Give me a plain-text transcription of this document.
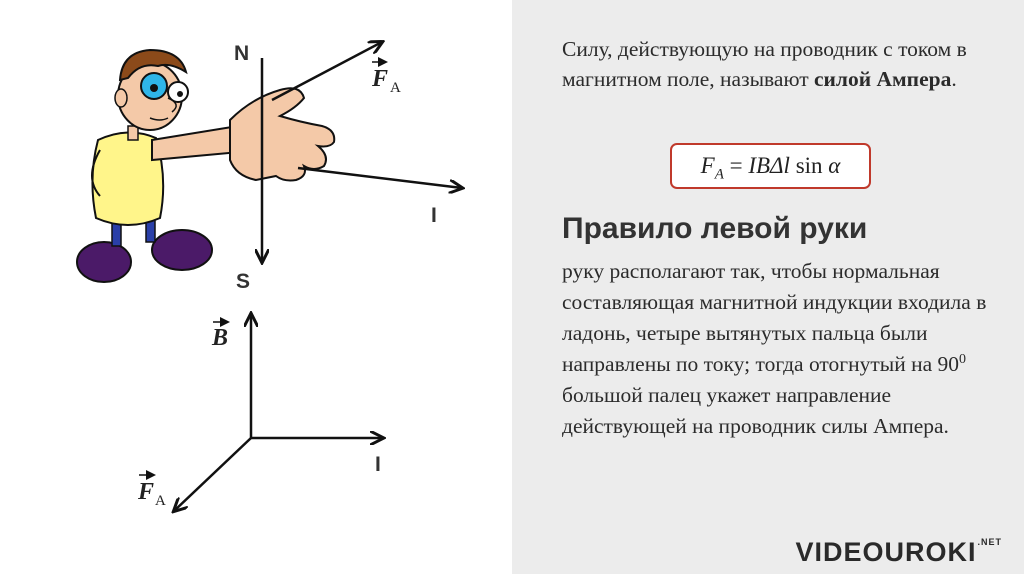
N
S
I
F A
B
I
F A
Силу, действующую на проводник с током в магнитном поле, называют силой Ампера.
$F_A = IB\Delta l$ sin α
Правило левой руки
руку располагают так, чтобы нормальная составляющая магнитной индукции входила в ладонь, четыре вытянутых пальца были направлены по току; тогда отогнутый на $90^0$ большой палец укажет направление действующей на проводник силы Ампера.
$VIDEOUROKI^{.NET}$
